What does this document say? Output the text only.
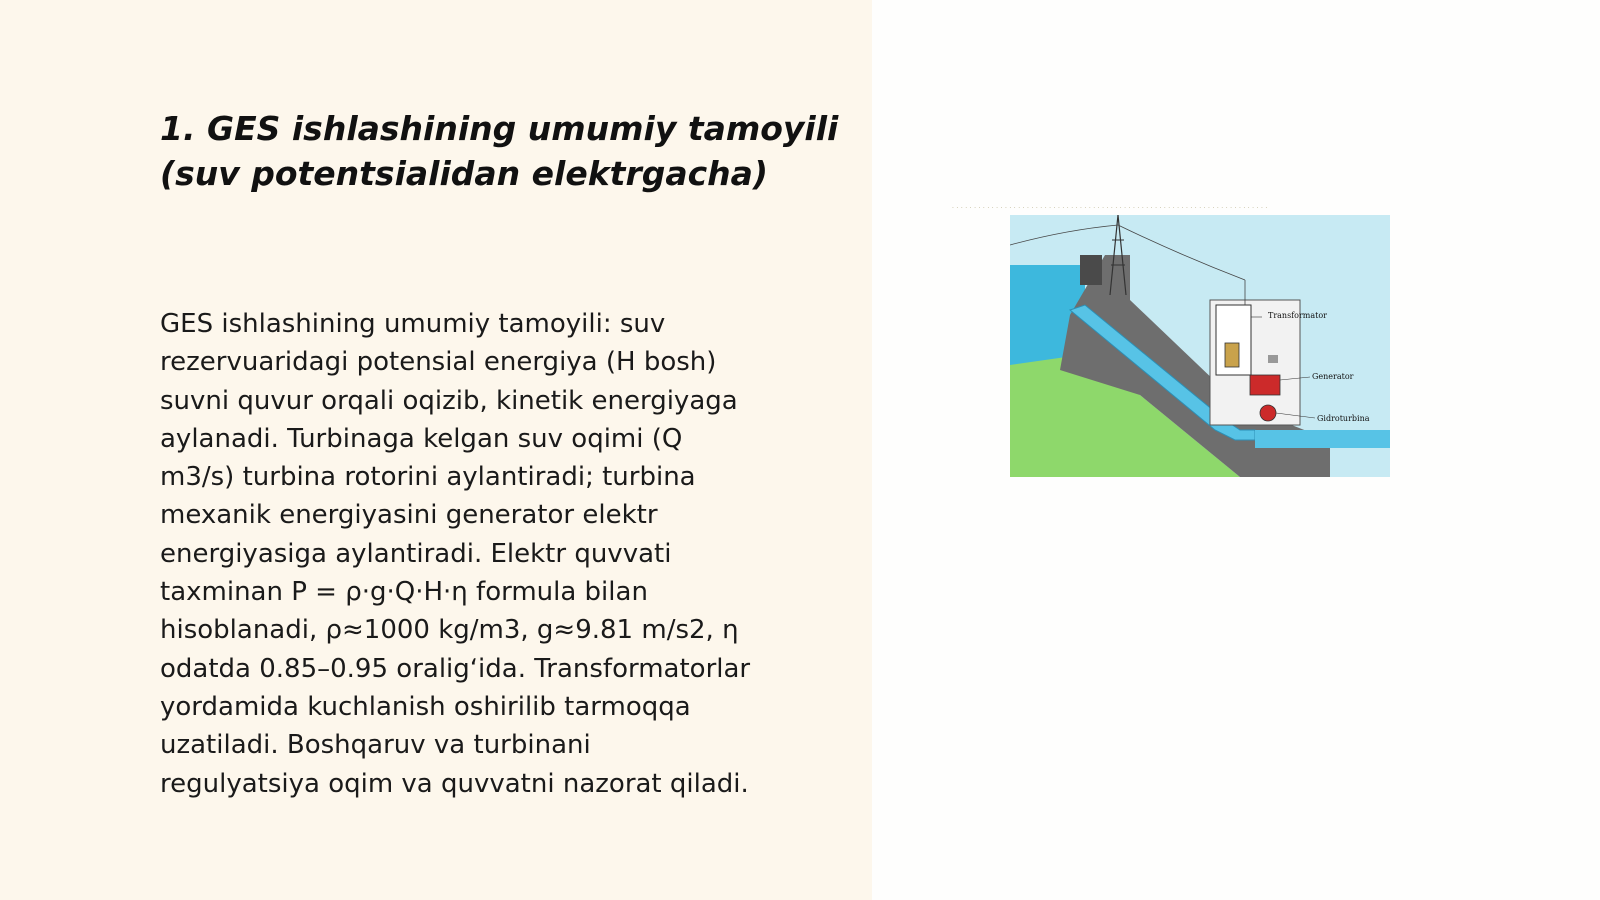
1. GES ishlashining umumiy tamoyili
(suv potentsialidan elektrgacha)

GES ishlashining umumiy tamoyili: suv
rezervuaridagi potensial energiya (H bosh)
suvni quvur orqali oqizib, kinetik energiyaga
aylanadi. Turbinaga kelgan suv oqimi (Q
m3/s) turbina rotorini aylantiradi; turbina
mexanik energiyasini generator elektr
energiyasiga aylantiradi. Elektr quvvati
taxminan P = ρ·g·Q·H·η formula bilan
hisoblanadi, ρ≈1000 kg/m3, g≈9.81 m/s2, η
odatda 0.85–0.95 oraligʻida. Transformatorlar
yordamida kuchlanish oshirilib tarmoqqa
uzatiladi. Boshqaruv va turbinani
regulyatsiya oqim va quvvatni nazorat qiladi.

· · · · · · · · · · · · · · · · · · · · · · · · · · · · · · · · · · · · · · · · · · · · · · · · · · · · · · · · · · · · · · · · · · · · · · · ·
Transformator
Generator
Gidroturbina
